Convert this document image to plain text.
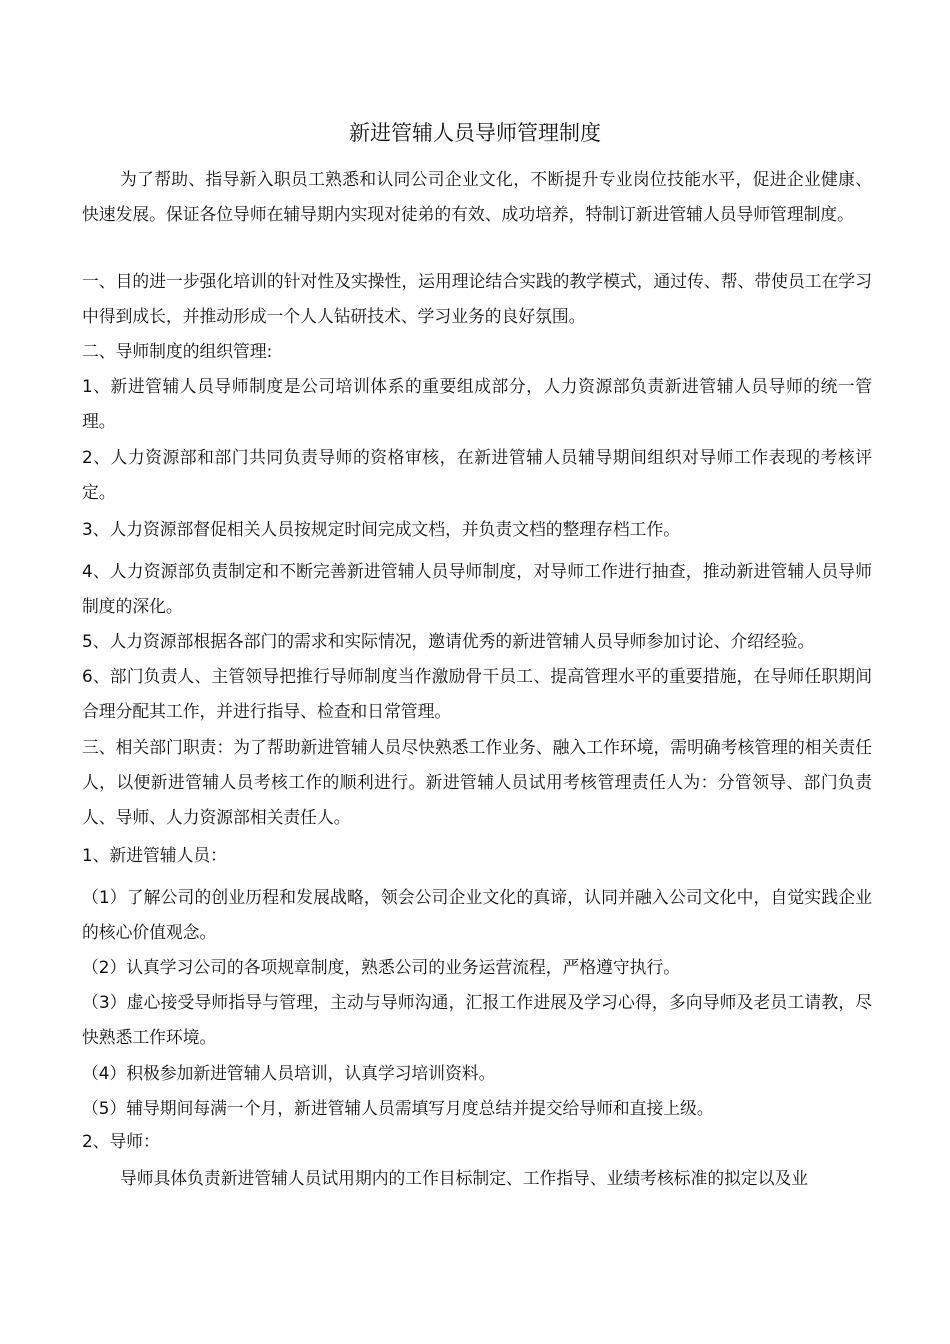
新进管辅人员导师管理制度

为了帮助、指导新入职员工熟悉和认同公司企业文化，不断提升专业岗位技能水平，促进企业健康、快速发展。保证各位导师在辅导期内实现对徒弟的有效、成功培养，特制订新进管辅人员导师管理制度。

一、目的进一步强化培训的针对性及实操性，运用理论结合实践的教学模式，通过传、帮、带使员工在学习中得到成长，并推动形成一个人人钻研技术、学习业务的良好氛围。

二、导师制度的组织管理:

1、新进管辅人员导师制度是公司培训体系的重要组成部分，人力资源部负责新进管辅人员导师的统一管理。

2、人力资源部和部门共同负责导师的资格审核，在新进管辅人员辅导期间组织对导师工作表现的考核评定。

3、人力资源部督促相关人员按规定时间完成文档，并负责文档的整理存档工作。

4、人力资源部负责制定和不断完善新进管辅人员导师制度，对导师工作进行抽查，推动新进管辅人员导师制度的深化。

5、人力资源部根据各部门的需求和实际情况，邀请优秀的新进管辅人员导师参加讨论、介绍经验。

6、部门负责人、主管领导把推行导师制度当作激励骨干员工、提高管理水平的重要措施，在导师任职期间合理分配其工作，并进行指导、检查和日常管理。

三、相关部门职责：为了帮助新进管辅人员尽快熟悉工作业务、融入工作环境，需明确考核管理的相关责任人，以便新进管辅人员考核工作的顺利进行。新进管辅人员试用考核管理责任人为：分管领导、部门负责人、导师、人力资源部相关责任人。

1、新进管辅人员：

（1）了解公司的创业历程和发展战略，领会公司企业文化的真谛，认同并融入公司文化中，自觉实践企业的核心价值观念。

（2）认真学习公司的各项规章制度，熟悉公司的业务运营流程，严格遵守执行。

（3）虚心接受导师指导与管理，主动与导师沟通，汇报工作进展及学习心得，多向导师及老员工请教，尽快熟悉工作环境。

（4）积极参加新进管辅人员培训，认真学习培训资料。

（5）辅导期间每满一个月，新进管辅人员需填写月度总结并提交给导师和直接上级。

2、导师：

导师具体负责新进管辅人员试用期内的工作目标制定、工作指导、业绩考核标准的拟定以及业
